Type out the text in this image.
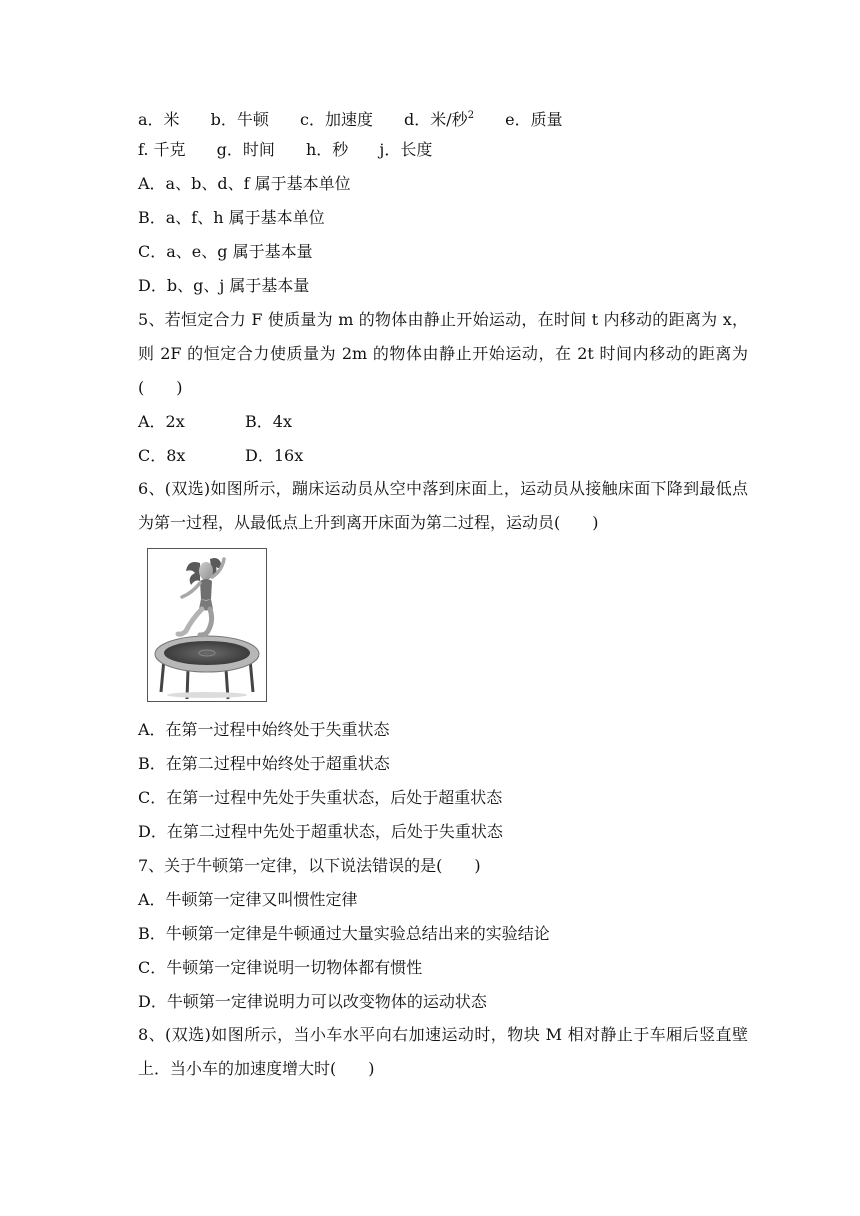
a．米 b．牛顿 c．加速度 d．米/秒$^2$ e．质量
f. 千克 g．时间 h．秒 j．长度
A．a、b、d、f 属于基本单位
B．a、f、h 属于基本单位
C．a、e、g 属于基本量
D．b、g、j 属于基本量
5、若恒定合力 F 使质量为 m 的物体由静止开始运动，在时间 t 内移动的距离为 x，则 2F 的恒定合力使质量为 2m 的物体由静止开始运动，在 2t 时间内移动的距离为(　　)
A．2x	B．4x
C．8x	D．16x
6、(双选)如图所示，蹦床运动员从空中落到床面上，运动员从接触床面下降到最低点为第一过程，从最低点上升到离开床面为第二过程，运动员(　　)
A．在第一过程中始终处于失重状态
B．在第二过程中始终处于超重状态
C．在第一过程中先处于失重状态，后处于超重状态
D．在第二过程中先处于超重状态，后处于失重状态
7、关于牛顿第一定律，以下说法错误的是(　　)
A．牛顿第一定律又叫惯性定律
B．牛顿第一定律是牛顿通过大量实验总结出来的实验结论
C．牛顿第一定律说明一切物体都有惯性
D．牛顿第一定律说明力可以改变物体的运动状态
8、(双选)如图所示，当小车水平向右加速运动时，物块 M 相对静止于车厢后竖直壁上．当小车的加速度增大时(　　)
